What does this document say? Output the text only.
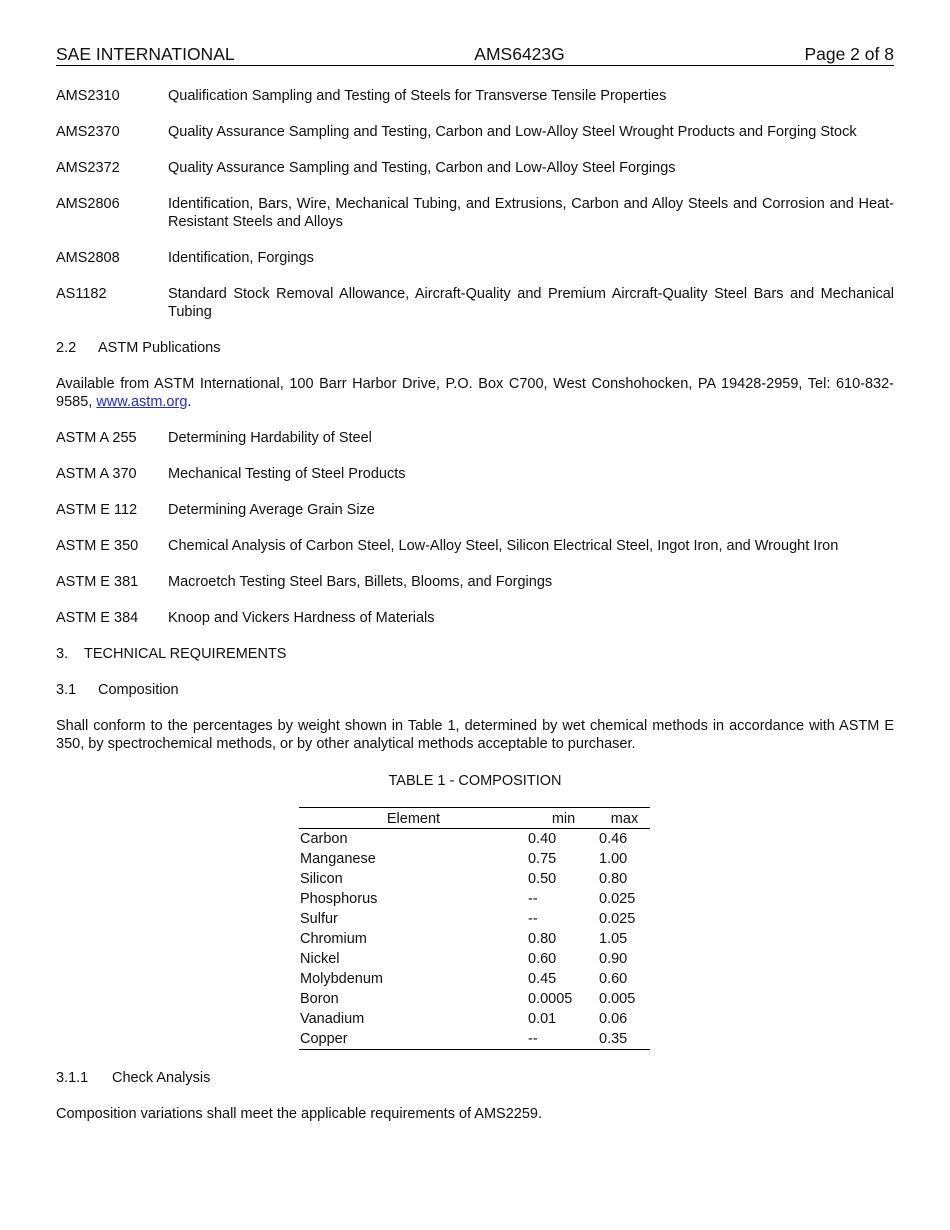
SAE INTERNATIONAL	AMS6423G	Page 2 of 8
AMS2310	Qualification Sampling and Testing of Steels for Transverse Tensile Properties
AMS2370	Quality Assurance Sampling and Testing, Carbon and Low-Alloy Steel Wrought Products and Forging Stock
AMS2372	Quality Assurance Sampling and Testing, Carbon and Low-Alloy Steel Forgings
AMS2806	Identification, Bars, Wire, Mechanical Tubing, and Extrusions, Carbon and Alloy Steels and Corrosion and Heat-Resistant Steels and Alloys
AMS2808	Identification, Forgings
AS1182	Standard Stock Removal Allowance, Aircraft-Quality and Premium Aircraft-Quality Steel Bars and Mechanical Tubing
2.2 ASTM Publications
Available from ASTM International, 100 Barr Harbor Drive, P.O. Box C700, West Conshohocken, PA 19428-2959, Tel: 610-832-9585, www.astm.org.
ASTM A 255	Determining Hardability of Steel
ASTM A 370	Mechanical Testing of Steel Products
ASTM E 112	Determining Average Grain Size
ASTM E 350	Chemical Analysis of Carbon Steel, Low-Alloy Steel, Silicon Electrical Steel, Ingot Iron, and Wrought Iron
ASTM E 381	Macroetch Testing Steel Bars, Billets, Blooms, and Forgings
ASTM E 384	Knoop and Vickers Hardness of Materials
3. TECHNICAL REQUIREMENTS
3.1 Composition
Shall conform to the percentages by weight shown in Table 1, determined by wet chemical methods in accordance with ASTM E 350, by spectrochemical methods, or by other analytical methods acceptable to purchaser.
TABLE 1 - COMPOSITION
Element	min	max
Carbon	0.40	0.46
Manganese	0.75	1.00
Silicon	0.50	0.80
Phosphorus	--	0.025
Sulfur	--	0.025
Chromium	0.80	1.05
Nickel	0.60	0.90
Molybdenum	0.45	0.60
Boron	0.0005	0.005
Vanadium	0.01	0.06
Copper	--	0.35
3.1.1 Check Analysis
Composition variations shall meet the applicable requirements of AMS2259.
